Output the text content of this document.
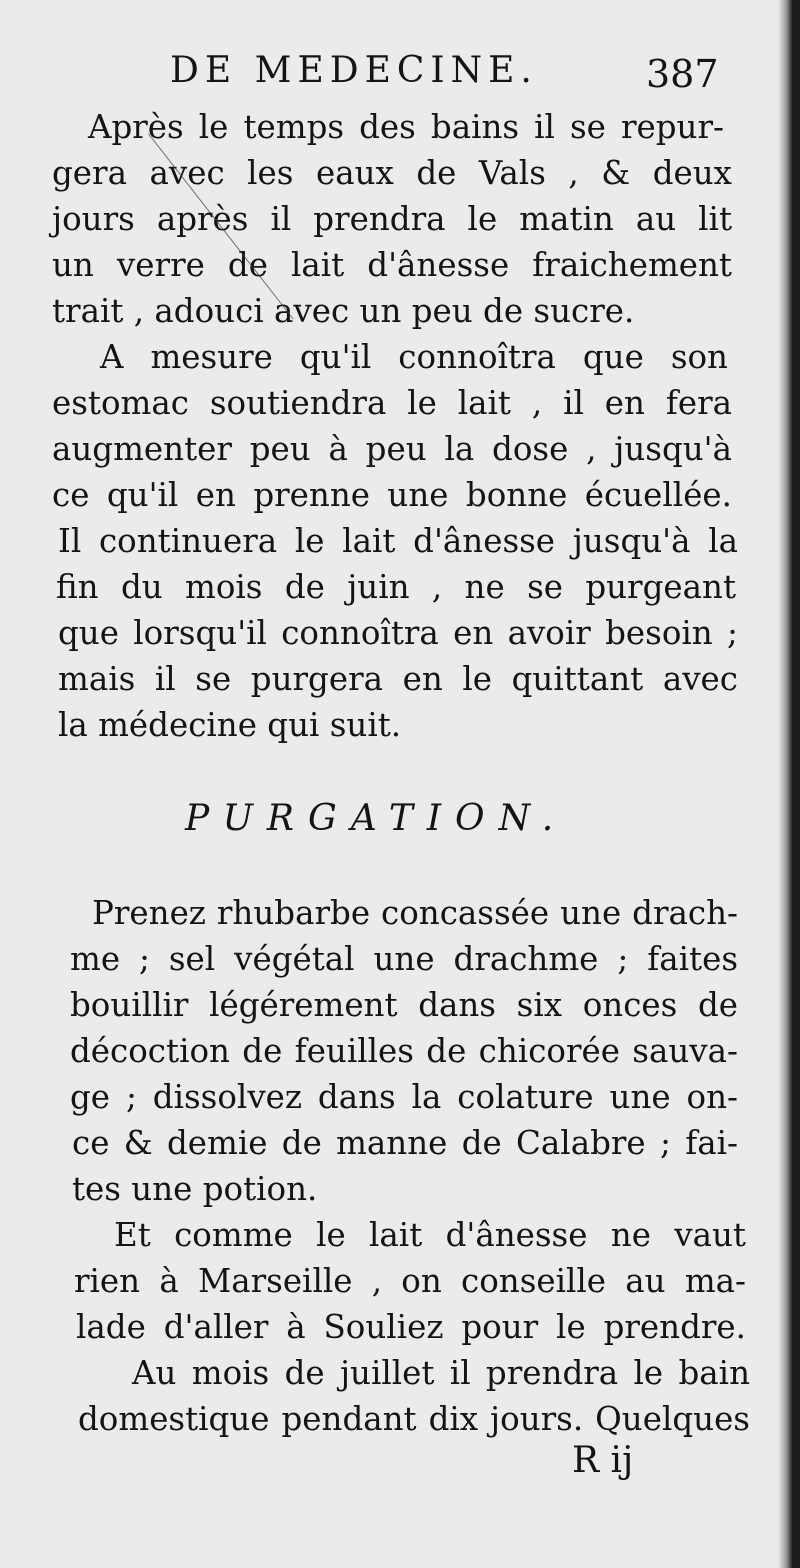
DE MEDECINE.	387
Après le temps des bains il se repur-
gera avec les eaux de Vals , & deux
jours après il prendra le matin au lit
un verre de lait d'ânesse fraichement
trait , adouci avec un peu de sucre.
A mesure qu'il connoîtra que son
estomac soutiendra le lait , il en fera
augmenter peu à peu la dose , jusqu'à
ce qu'il en prenne une bonne écuellée.
Il continuera le lait d'ânesse jusqu'à la
fin du mois de juin , ne se purgeant
que lorsqu'il connoîtra en avoir besoin ;
mais il se purgera en le quittant avec
la médecine qui suit.
PURGATION.
Prenez rhubarbe concassée une drach-
me ; sel végétal une drachme ; faites
bouillir légérement dans six onces de
décoction de feuilles de chicorée sauva-
ge ; dissolvez dans la colature une on-
ce & demie de manne de Calabre ; fai-
tes une potion.
Et comme le lait d'ânesse ne vaut
rien à Marseille , on conseille au ma-
lade d'aller à Souliez pour le prendre.
Au mois de juillet il prendra le bain
domestique pendant dix jours. Quelques
R ij
